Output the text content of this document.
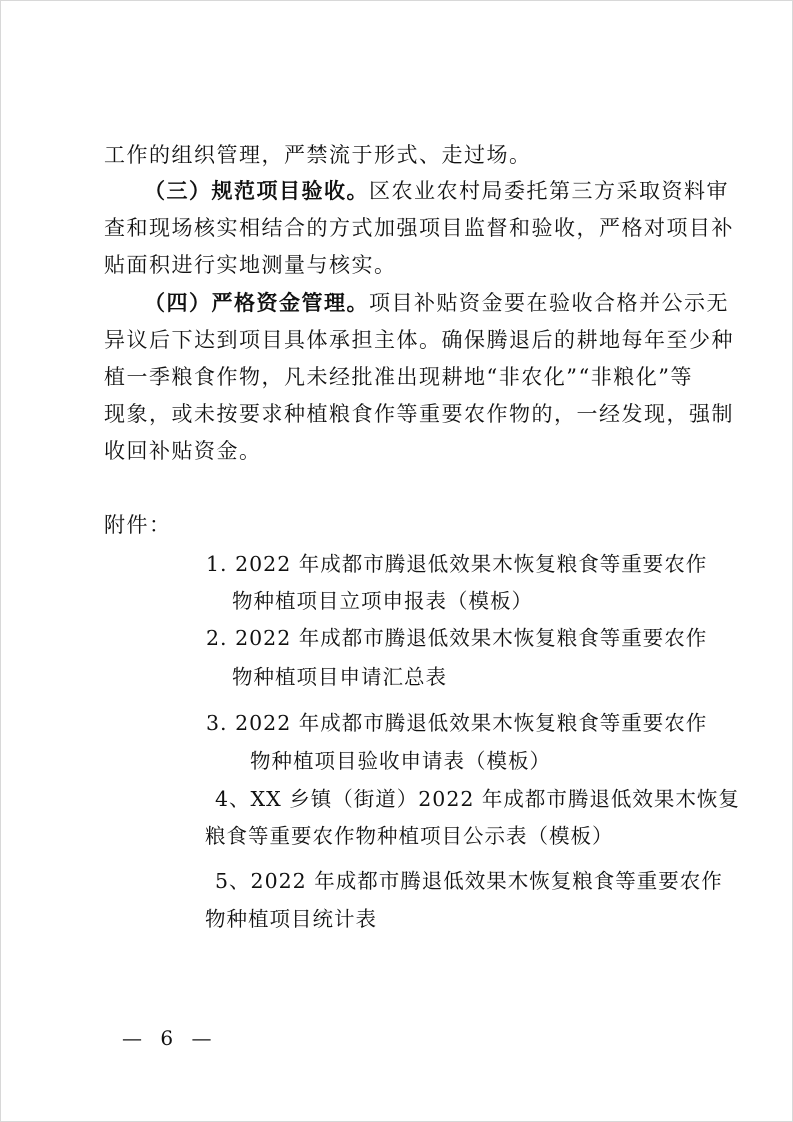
工作的组织管理，严禁流于形式、走过场。
（三）规范项目验收。区农业农村局委托第三方采取资料审
查和现场核实相结合的方式加强项目监督和验收，严格对项目补
贴面积进行实地测量与核实。
（四）严格资金管理。项目补贴资金要在验收合格并公示无
异议后下达到项目具体承担主体。确保腾退后的耕地每年至少种
植一季粮食作物，凡未经批准出现耕地“非农化”“非粮化”等
现象，或未按要求种植粮食作等重要农作物的，一经发现，强制
收回补贴资金。
附件：
1. 2022 年成都市腾退低效果木恢复粮食等重要农作
物种植项目立项申报表（模板）
2. 2022 年成都市腾退低效果木恢复粮食等重要农作
物种植项目申请汇总表
3. 2022 年成都市腾退低效果木恢复粮食等重要农作
物种植项目验收申请表（模板）
4、XX 乡镇（街道）2022 年成都市腾退低效果木恢复
粮食等重要农作物种植项目公示表（模板）
5、2022 年成都市腾退低效果木恢复粮食等重要农作
物种植项目统计表
— 6 —
